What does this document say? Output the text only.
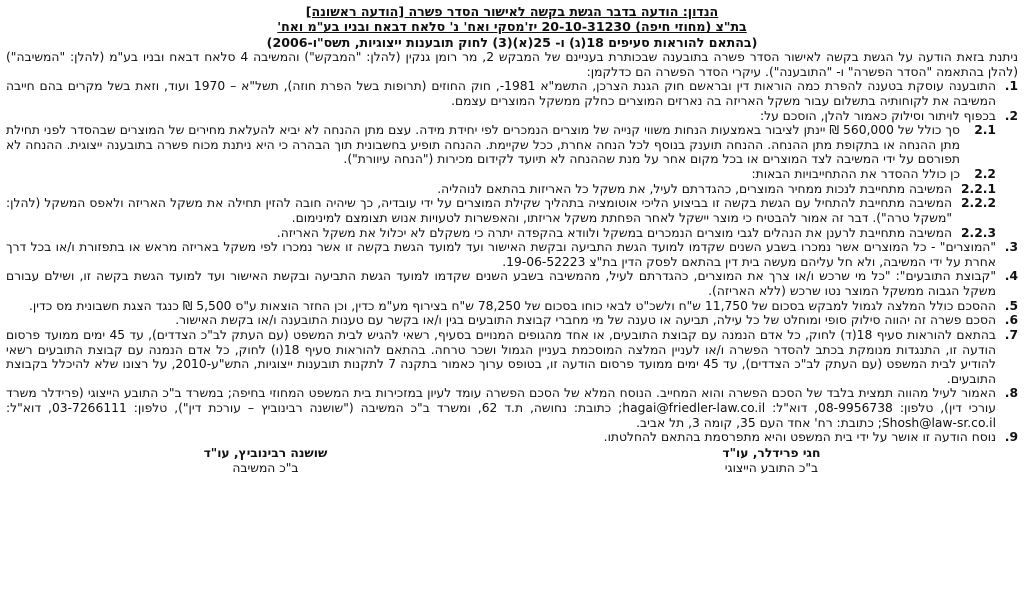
הנדון: הודעה בדבר הגשת בקשה לאישור הסדר פשרה [הודעה ראשונה]
בת"צ (מחוזי חיפה) 20-10-31230 יז'מסקי ואח' נ' סלאח דבאח ובניו בע"מ ואח'
(בהתאם להוראות סעיפים 18(ג) ו- 25(א)(3) לחוק תובענות ייצוגיות, תשס"ו-2006)

ניתנת בזאת הודעה על הגשת בקשה לאישור הסדר פשרה בתובענה שבכותרת בעניינם של המבקש 2, מר רומן גנקין (להלן: "המבקש") והמשיבה 4 סלאח דבאח ובניו בע"מ (להלן: "המשיבה") (להלן בהתאמה "הסדר הפשרה" ו- "התובענה"). עיקרי הסדר הפשרה הם כדלקמן:

1.
התובענה עוסקת בטענה להפרת כמה הוראות דין ובראשם חוק הגנת הצרכן, התשמ"א 1981-, חוק החוזים (תרופות בשל הפרת חוזה), תשל"א – 1970 ועוד, וזאת בשל מקרים בהם חייבה המשיבה את לקוחותיה בתשלום עבור משקל האריזה בה נארזים המוצרים כחלק ממשקל המוצרים עצמם.
2.
בכפוף לויתור וסילוק כאמור להלן, הוסכם על:
2.1
סך כולל של 560,000 ₪ יינתן לציבור באמצעות הנחות משווי קנייה של מוצרים הנמכרים לפי יחידת מידה. עצם מתן ההנחה לא יביא להעלאת מחירים של המוצרים שבהסדר לפני תחילת מתן ההנחה או בתקופת מתן ההנחה. ההנחה תוענק בנוסף לכל הנחה אחרת, ככל שקיימת. ההנחה תופיע בחשבונית תוך הבהרה כי היא ניתנת מכוח פשרה בתובענה ייצוגית. ההנחה לא תפורסם על ידי המשיבה לצד המוצרים או בכל מקום אחר על מנת שההנחה לא תיועד לקידום מכירות ("הנחה עיוורת").
2.2
כן כולל ההסדר את ההתחייבויות הבאות:
2.2.1
המשיבה מתחייבת לנכות ממחיר המוצרים, כהגדרתם לעיל, את משקל כל האריזות בהתאם לנוהליה.
2.2.2
המשיבה מתחייבת להתחיל עם הגשת בקשה זו בביצוע הליכי אוטומציה בתהליך שקילת המוצרים על ידי עובדיה, כך שיהיה חובה להזין תחילה את משקל האריזה ולאפס המשקל (להלן: "משקל טרה"). דבר זה אמור להבטיח כי מוצר יישקל לאחר הפחתת משקל אריזתו, והאפשרות לטעויות אנוש תצומצם למינימום.
2.2.3
המשיבה מתחייבת לרענן את הנהלים לגבי מוצרים הנמכרים במשקל ולוודא בהקפדה יתרה כי משקלם לא יכלול את משקל האריזה.
3.
"המוצרים" - כל המוצרים אשר נמכרו בשבע השנים שקדמו למועד הגשת התביעה ובקשת האישור ועד למועד הגשת בקשה זו אשר נמכרו לפי משקל באריזה מראש או בתפזורת ו/או בכל דרך אחרת על ידי המשיבה, ולא חל עליהם מעשה בית דין בהתאם לפסק הדין בת"צ 19-06-52223.
4.
"קבוצת התובעים": "כל מי שרכש ו/או צרך את המוצרים, כהגדרתם לעיל, מהמשיבה בשבע השנים שקדמו למועד הגשת התביעה ובקשת האישור ועד למועד הגשת בקשה זו, ושילם עבורם משקל הגבוה ממשקל המוצר נטו שרכש (ללא האריזה).
5.
ההסכם כולל המלצה לגמול למבקש בסכום של 11,750 ש"ח ולשכ"ט לבאי כוחו בסכום של 78,250 ש"ח בצירוף מע"מ כדין, וכן החזר הוצאות ע"ס 5,500 ₪ כנגד הצגת חשבונית מס כדין.
6.
הסכם פשרה זה יהווה סילוק סופי ומוחלט של כל עילה, תביעה או טענה של מי מחברי קבוצת התובעים בגין ו/או בקשר עם טענות התובענה ו/או בקשת האישור.
7.
בהתאם להוראות סעיף 18(ד) לחוק, כל אדם הנמנה עם קבוצת התובעים, או אחד מהגופים המנויים בסעיף, רשאי להגיש לבית המשפט (עם העתק לב"כ הצדדים), עד 45 ימים ממועד פרסום הודעה זו, התנגדות מנומקת בכתב להסדר הפשרה ו/או לעניין המלצה המוסכמת בעניין הגמול ושכר טרחה. בהתאם להוראות סעיף 18(ו) לחוק, כל אדם הנמנה עם קבוצת התובעים רשאי להודיע לבית המשפט (עם העתק לב"כ הצדדים), עד 45 ימים ממועד פרסום הודעה זו, בטופס ערוך כאמור בתקנה 7 לתקנות תובענות ייצוגיות, התש"ע-2010, על רצונו שלא להיכלל בקבוצת התובעים.
8.
האמור לעיל מהווה תמצית בלבד של הסכם הפשרה והוא המחייב. הנוסח המלא של הסכם הפשרה עומד לעיון במזכירות בית המשפט המחוזי בחיפה; במשרד ב"כ התובע הייצוגי (פרידלר משרד עורכי דין), טלפון: 08-9956738, דוא"ל: hagai@friedler-law.co.il; כתובת: נחושה, ת.ד 62, ומשרד ב"כ המשיבה ("שושנה רבינוביץ – עורכת דין"), טלפון: 03-7266111, דוא"ל: Shosh@law-sr.co.il; כתובת: רח' אחד העם 35, קומה 3, תל אביב.
9.
נוסח הודעה זו אושר על ידי בית המשפט והיא מתפרסמת בהתאם להחלטתו.
חגי פרידלר, עו"ד
ב"כ התובע הייצוגי
שושנה רבינוביץ, עו"ד
ב"כ המשיבה
